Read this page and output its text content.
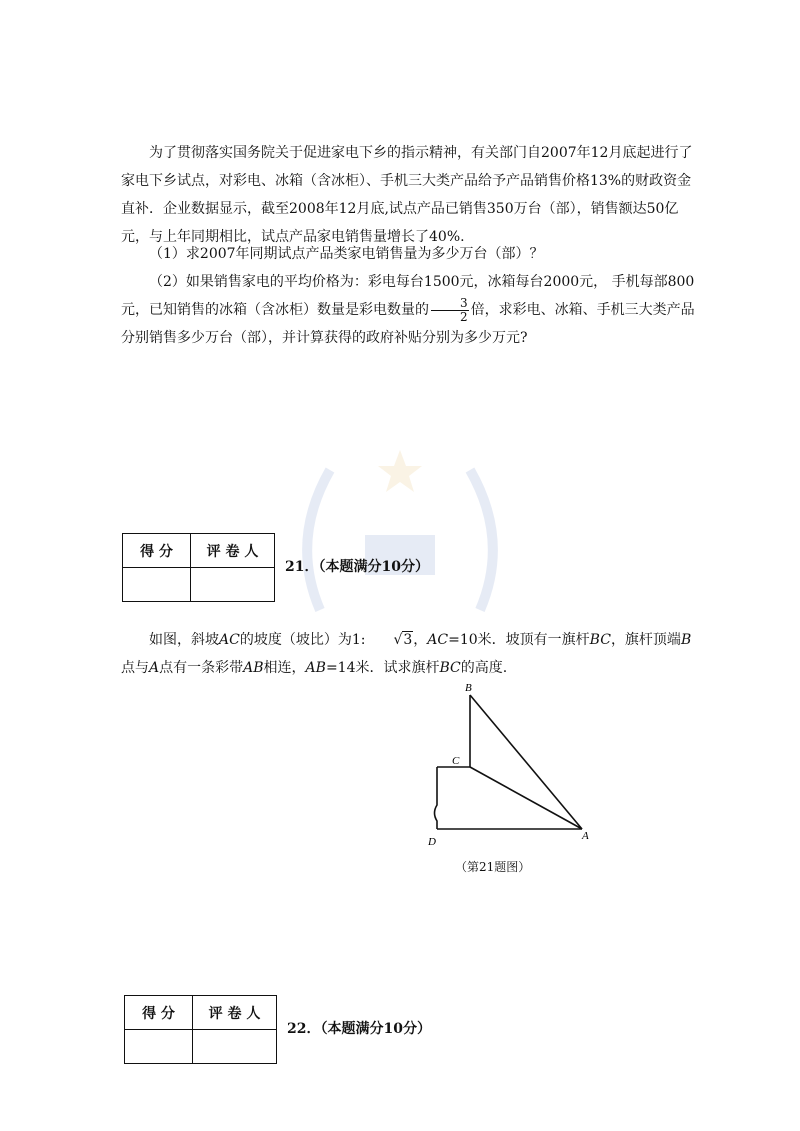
为了贯彻落实国务院关于促进家电下乡的指示精神，有关部门自2007年12月底起进行了家电下乡试点，对彩电、冰箱（含冰柜）、手机三大类产品给予产品销售价格13%的财政资金直补．企业数据显示，截至2008年12月底,试点产品已销售350万台（部），销售额达50亿元，与上年同期相比，试点产品家电销售量增长了40%.

（1）求2007年同期试点产品类家电销售量为多少万台（部）？

（2）如果销售家电的平均价格为：彩电每台1500元，冰箱每台2000元， 手机每部800元，已知销售的冰箱（含冰柜）数量是彩电数量的 $\frac{3}{2}$ 倍，求彩电、冰箱、手机三大类产品分别销售多少万台（部），并计算获得的政府补贴分别为多少万元?

得 分	评 卷 人

21．（本题满分10分）

如图，斜坡AC的坡度（坡比）为1: √3，AC=10米．坡顶有一旗杆BC，旗杆顶端B点与A点有一条彩带AB相连，AB=14米．试求旗杆BC的高度.

B
C
D	A
（第21题图）
得 分	评 卷 人

22．（本题满分10分）
